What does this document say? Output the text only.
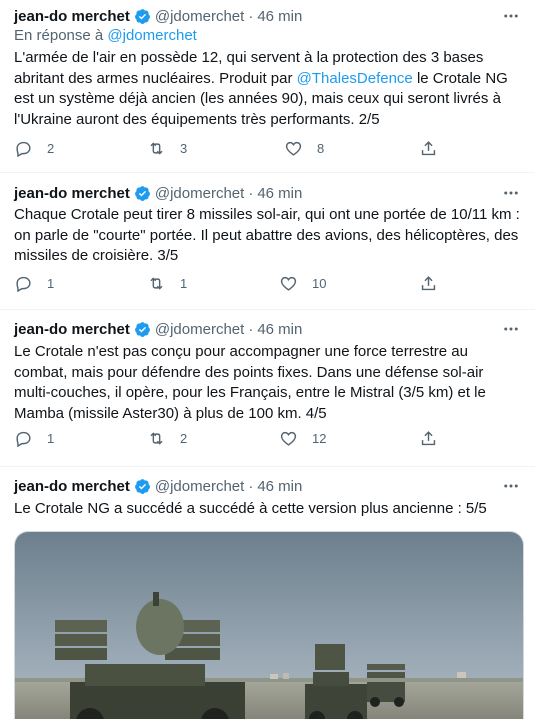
jean-do merchet @jdomerchet · 46 min
En réponse à @jdomerchet
L'armée de l'air en possède 12, qui servent à la protection des 3 bases abritant des armes nucléaires. Produit par @ThalesDefence le Crotale NG est un système déjà ancien (les années 90), mais ceux qui seront livrés à l'Ukraine auront des équipements très performants. 2/5
2	3	8
jean-do merchet @jdomerchet · 46 min
Chaque Crotale peut tirer 8 missiles sol-air, qui ont une portée de 10/11 km : on parle de "courte" portée. Il peut abattre des avions, des hélicoptères, des missiles de croisière. 3/5
1	1	10
jean-do merchet @jdomerchet · 46 min
Le Crotale n'est pas conçu pour accompagner une force terrestre au combat, mais pour défendre des points fixes. Dans une défense sol-air multi-couches, il opère, pour les Français, entre le Mistral (3/5 km) et le Mamba (missile Aster30) à plus de 100 km. 4/5
1	2	12
jean-do merchet @jdomerchet · 46 min
Le Crotale NG a succédé a succédé à cette version plus ancienne : 5/5
